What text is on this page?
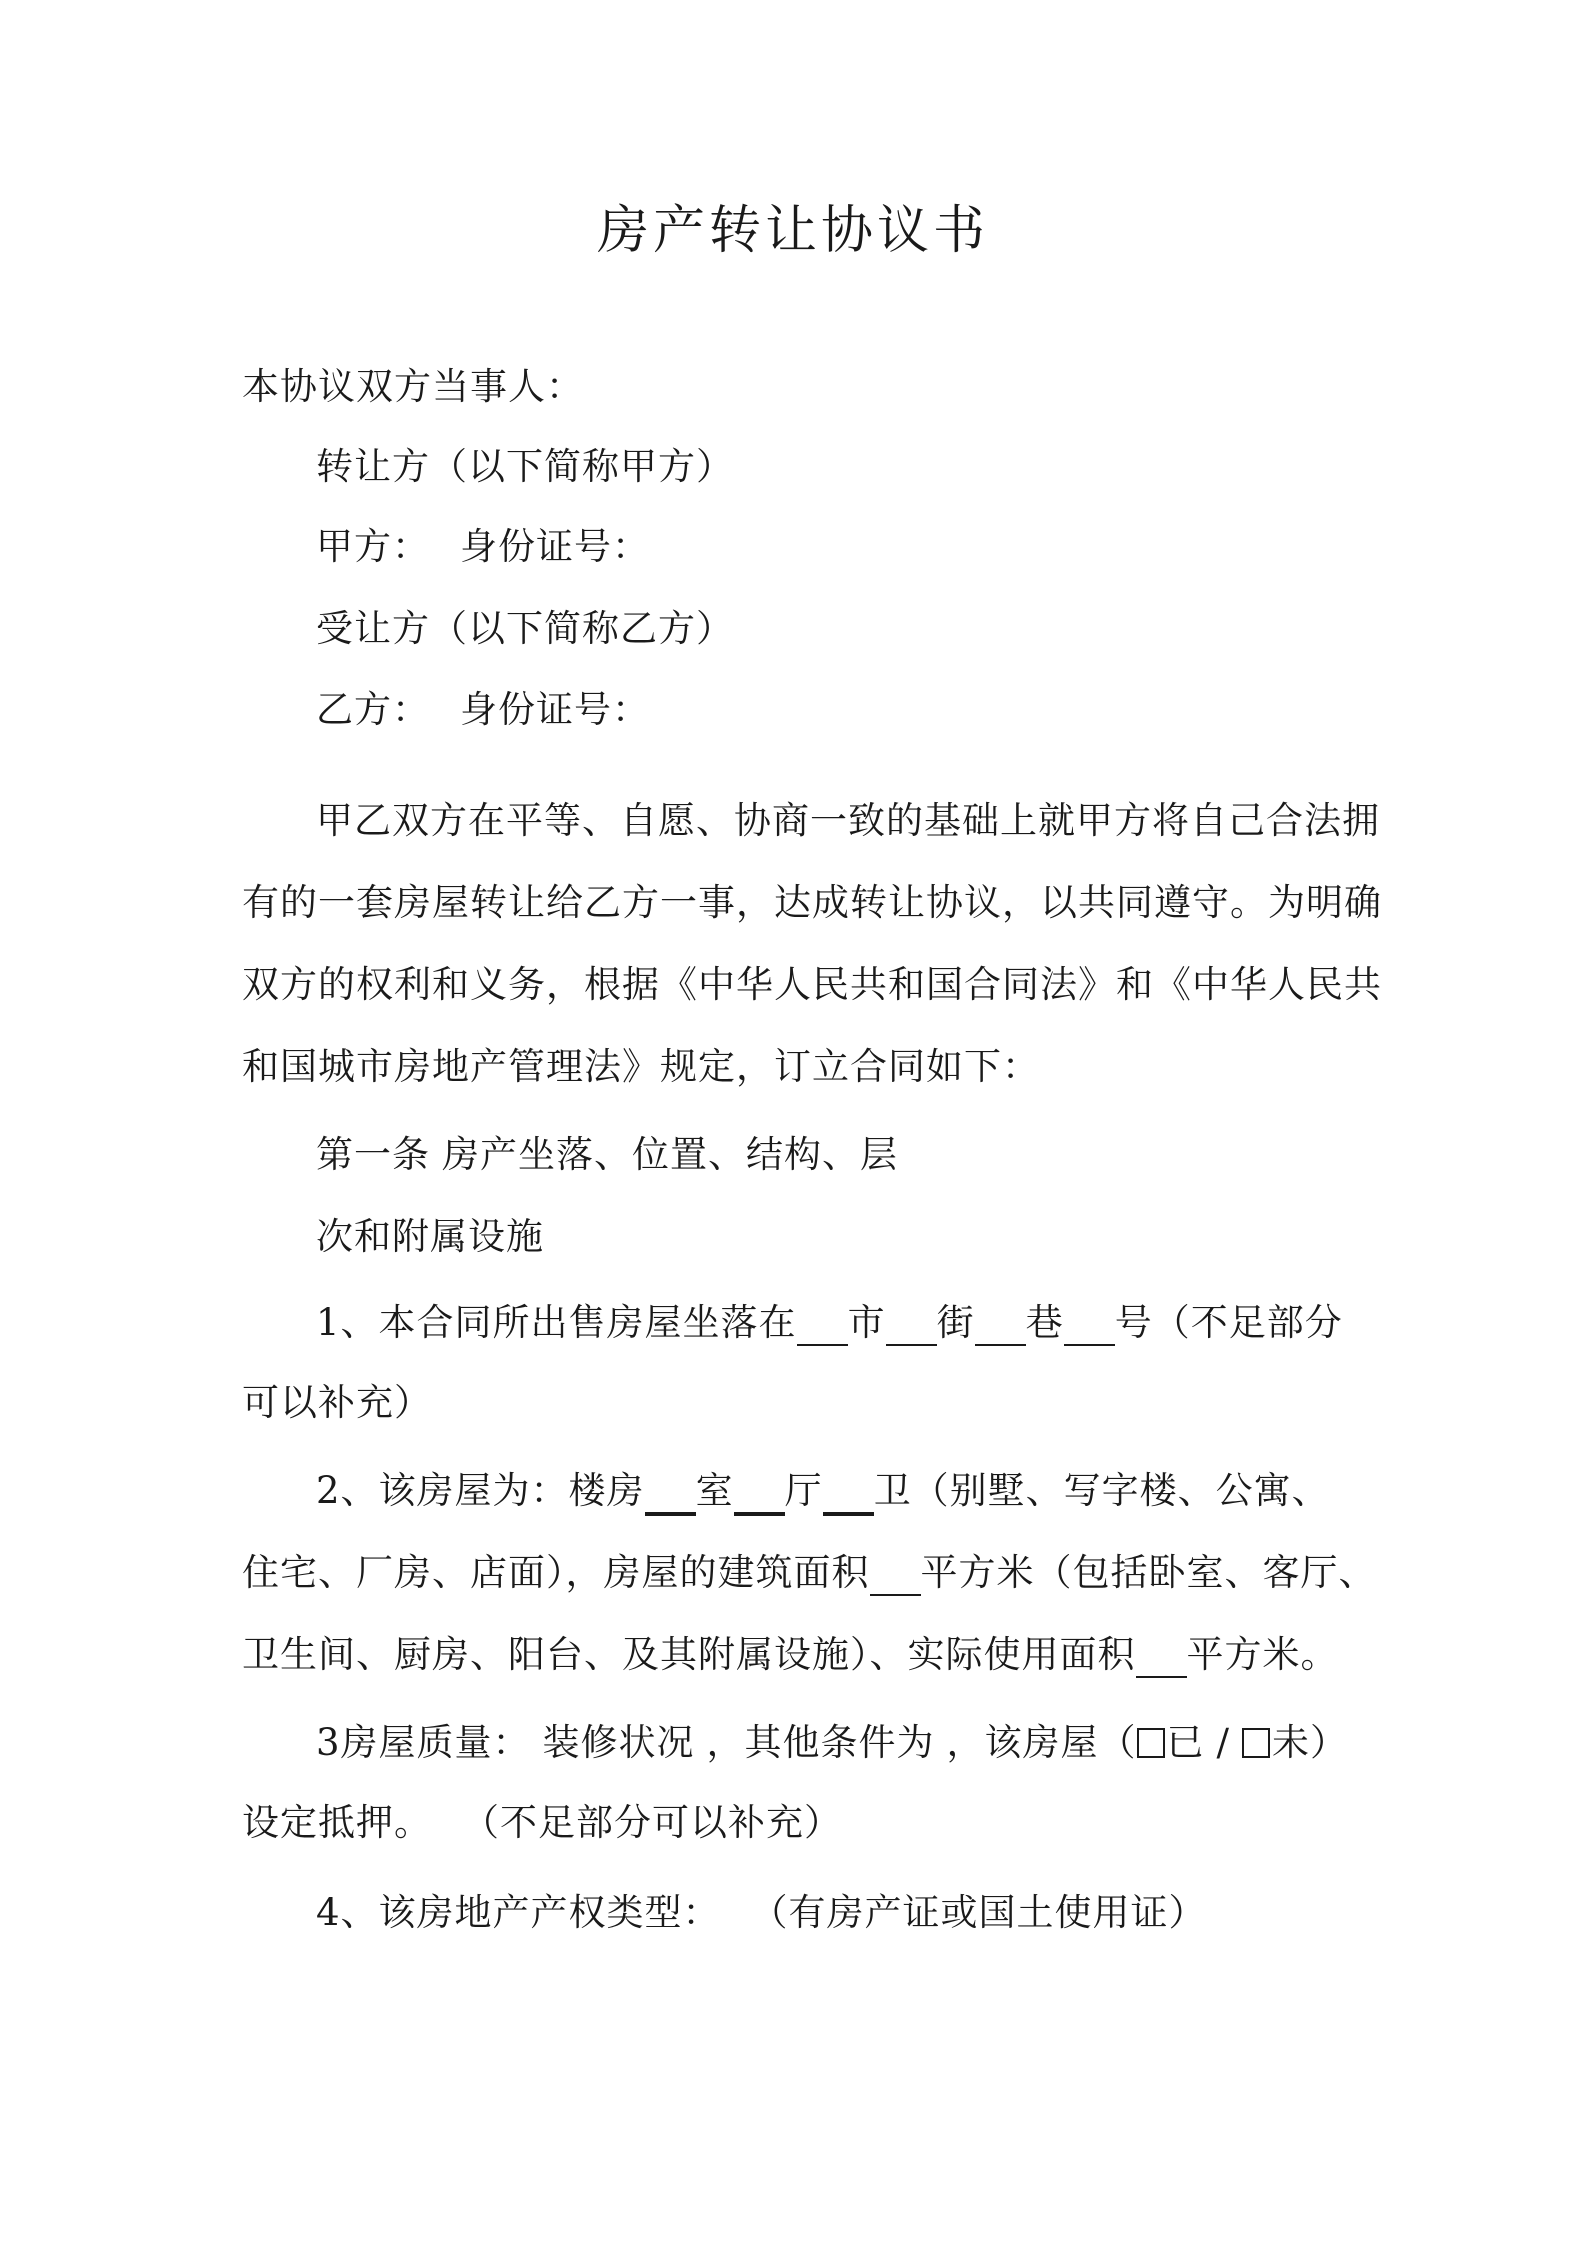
房产转让协议书
本协议双方当事人：
转让方（以下简称甲方）
甲方： 身份证号：
受让方（以下简称乙方）
乙方： 身份证号：
甲乙双方在平等、自愿、协商一致的基础上就甲方将自己合法拥
有的一套房屋转让给乙方一事，达成转让协议，以共同遵守。为明确
双方的权利和义务，根据《中华人民共和国合同法》和《中华人民共
和国城市房地产管理法》规定，订立合同如下：
第一条 房产坐落、位置、结构、层
次和附属设施
1、本合同所出售房屋坐落在 市 街 巷 号（不足部分
可以补充）
2、该房屋为：楼房 室 厅 卫（别墅、写字楼、公寓、
住宅、厂房、店面），房屋的建筑面积 平方米（包括卧室、客厅、
卫生间、厨房、阳台、及其附属设施）、实际使用面积 平方米。
3房屋质量： 装修状况 ，其他条件为 ，该房屋（ 已 / 未）
设定抵押。 （不足部分可以补充）
4、该房地产产权类型： （有房产证或国土使用证）
